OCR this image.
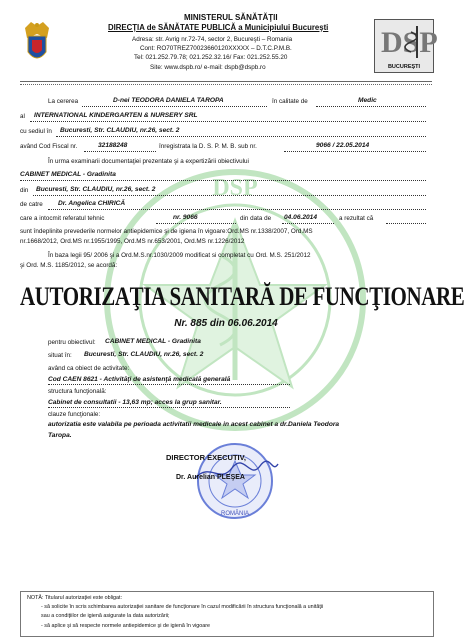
DSP
MINISTERUL SĂNĂTĂŢII
DIRECŢIA de SĂNĂTATE PUBLICĂ a Municipiului Bucureşti
Adresa: str. Avrig nr.72-74, sector 2, Bucureşti – Romania
Cont: RO70TREZ70023660120XXXXX – D.T.C.P.M.B.
Tel: 021.252.79.78; 021.252.32.16/ Fax: 021.252.55.20
Site: www.dspb.ro/ e-mail: dspb@dspb.ro
DSP
BUCUREŞTI
La cererea	D-nei TEODORA DANIELA TAROPA	în calitate de	Medic
al INTERNATIONAL KINDERGARTEN & NURSERY SRL
cu sediul în Bucuresti, Str. CLAUDIU, nr.26, sect. 2
având Cod Fiscal nr.	32188248	înregistrata la D. S. P. M. B. sub nr.	9066 / 22.05.2014
În urma examinarii documentaţiei prezentate şi a expertizării obiectivului
CABINET MEDICAL - Gradinita
din Bucuresti, Str. CLAUDIU, nr.26, sect. 2
de catre Dr. Angelica CHIRICĂ
care a intocmit referatul tehnic	nr. 9066	din data de 04.06.2014	a rezultat că
sunt îndeplinite prevederile normelor antiepidemice şi de igiena în vigoare:Ord.MS nr.1338/2007, Ord.MS
nr.1668/2012, Ord.MS nr.1955/1995, Ord.MS nr.653/2001, Ord.MS nr.1226/2012
În baza legii 95/ 2006 şi a Ord.M.S.nr.1030/2009 modificat si completat cu Ord. M.S. 251/2012
şi Ord. M.S. 1185/2012, se acordă:
AUTORIZAŢIA SANITARĂ DE FUNCŢIONARE
Nr. 885 din 06.06.2014
pentru obiectivul: CABINET MEDICAL - Gradinita
situat în: Bucuresti, Str. CLAUDIU, nr.26, sect. 2
având ca obiect de activitate:
Cod CAEN 8621 - Activităţi de asistenţă medicală generală
structura funcţională:
Cabinet de consultatii - 13,63 mp; acces la grup sanitar.
clauze funcţionale:
autorizatia este valabila pe perioada activitatii medicale in acest cabinet a dr.Daniela Teodora
Taropa.
ROMÂNIA
DIRECTOR EXECUTIV,
Dr. Aurelian PLEŞEA
NOTĂ: Titularul autorizaţiei este obligat:
- să solicite în scris schimbarea autorizaţiei sanitare de funcţionare în cazul modificării în structura funcţională a unităţii
sau a condiţiilor de igienă asigurate la data autorizării;
- să aplice şi să respecte normele antiepidemice şi de igienă în vigoare
